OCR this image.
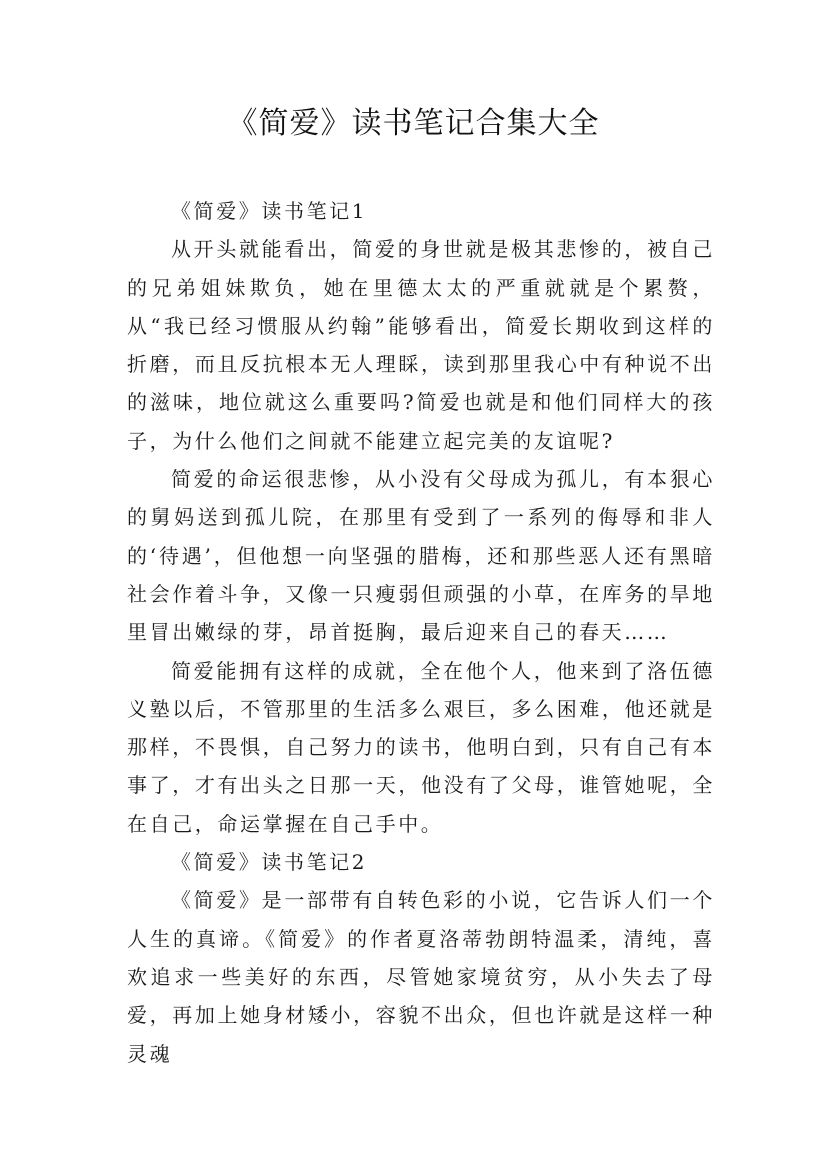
《简爱》读书笔记合集大全

《简爱》读书笔记1

从开头就能看出，简爱的身世就是极其悲惨的，被自己的兄弟姐妹欺负，她在里德太太的严重就就是个累赘，从“我已经习惯服从约翰”能够看出，简爱长期收到这样的折磨，而且反抗根本无人理睬，读到那里我心中有种说不出的滋味，地位就这么重要吗?简爱也就是和他们同样大的孩子，为什么他们之间就不能建立起完美的友谊呢?

简爱的命运很悲惨，从小没有父母成为孤儿，有本狠心的舅妈送到孤儿院，在那里有受到了一系列的侮辱和非人的‘待遇’，但他想一向坚强的腊梅，还和那些恶人还有黑暗社会作着斗争，又像一只瘦弱但顽强的小草，在库务的旱地里冒出嫩绿的芽，昂首挺胸，最后迎来自己的春天……

简爱能拥有这样的成就，全在他个人，他来到了洛伍德义塾以后，不管那里的生活多么艰巨，多么困难，他还就是那样，不畏惧，自己努力的读书，他明白到，只有自己有本事了，才有出头之日那一天，他没有了父母，谁管她呢，全在自己，命运掌握在自己手中。

《简爱》读书笔记2

《简爱》是一部带有自转色彩的小说，它告诉人们一个人生的真谛。《简爱》的作者夏洛蒂勃朗特温柔，清纯，喜欢追求一些美好的东西，尽管她家境贫穷，从小失去了母爱，再加上她身材矮小，容貌不出众，但也许就是这样一种灵魂
